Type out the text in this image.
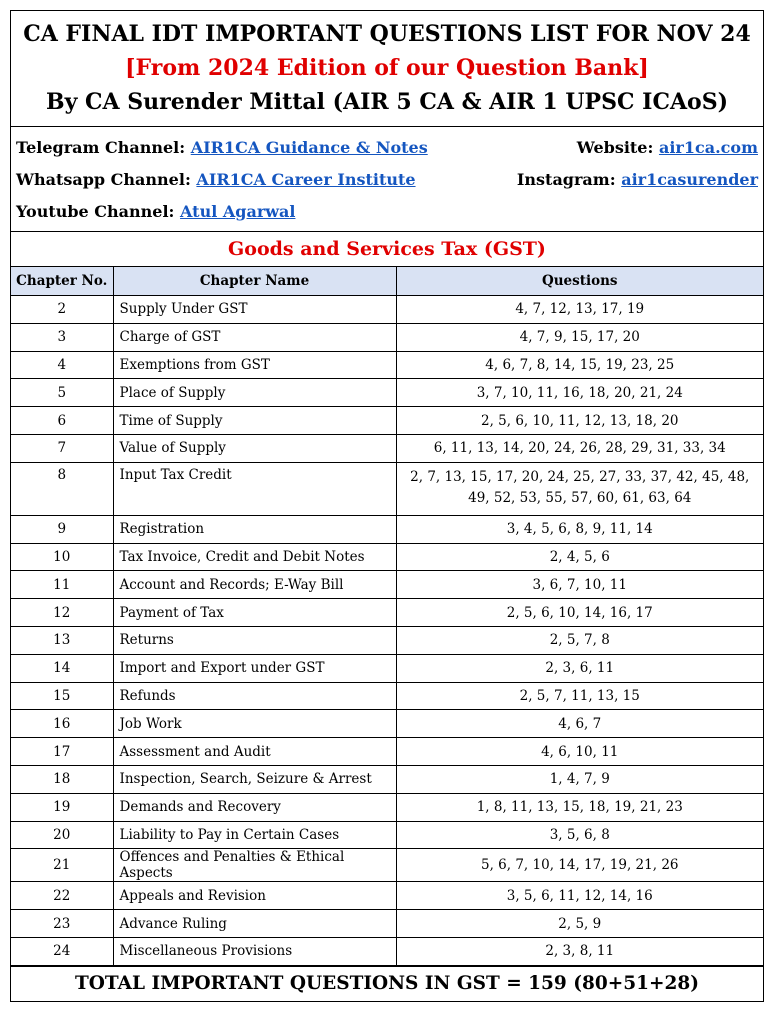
CA FINAL IDT IMPORTANT QUESTIONS LIST FOR NOV 24
[From 2024 Edition of our Question Bank]
By CA Surender Mittal (AIR 5 CA & AIR 1 UPSC ICAoS)
Telegram Channel: AIR1CA Guidance & Notes	Website: air1ca.com
Whatsapp Channel: AIR1CA Career Institute	Instagram: air1casurender
Youtube Channel: Atul Agarwal
Goods and Services Tax (GST)
Chapter No.	Chapter Name	Questions
2	Supply Under GST	4, 7, 12, 13, 17, 19
3	Charge of GST	4, 7, 9, 15, 17, 20
4	Exemptions from GST	4, 6, 7, 8, 14, 15, 19, 23, 25
5	Place of Supply	3, 7, 10, 11, 16, 18, 20, 21, 24
6	Time of Supply	2, 5, 6, 10, 11, 12, 13, 18, 20
7	Value of Supply	6, 11, 13, 14, 20, 24, 26, 28, 29, 31, 33, 34
8	Input Tax Credit	2, 7, 13, 15, 17, 20, 24, 25, 27, 33, 37, 42, 45, 48, 49, 52, 53, 55, 57, 60, 61, 63, 64
9	Registration	3, 4, 5, 6, 8, 9, 11, 14
10	Tax Invoice, Credit and Debit Notes	2, 4, 5, 6
11	Account and Records; E-Way Bill	3, 6, 7, 10, 11
12	Payment of Tax	2, 5, 6, 10, 14, 16, 17
13	Returns	2, 5, 7, 8
14	Import and Export under GST	2, 3, 6, 11
15	Refunds	2, 5, 7, 11, 13, 15
16	Job Work	4, 6, 7
17	Assessment and Audit	4, 6, 10, 11
18	Inspection, Search, Seizure & Arrest	1, 4, 7, 9
19	Demands and Recovery	1, 8, 11, 13, 15, 18, 19, 21, 23
20	Liability to Pay in Certain Cases	3, 5, 6, 8
21	Offences and Penalties & Ethical Aspects	5, 6, 7, 10, 14, 17, 19, 21, 26
22	Appeals and Revision	3, 5, 6, 11, 12, 14, 16
23	Advance Ruling	2, 5, 9
24	Miscellaneous Provisions	2, 3, 8, 11
TOTAL IMPORTANT QUESTIONS IN GST = 159 (80+51+28)
